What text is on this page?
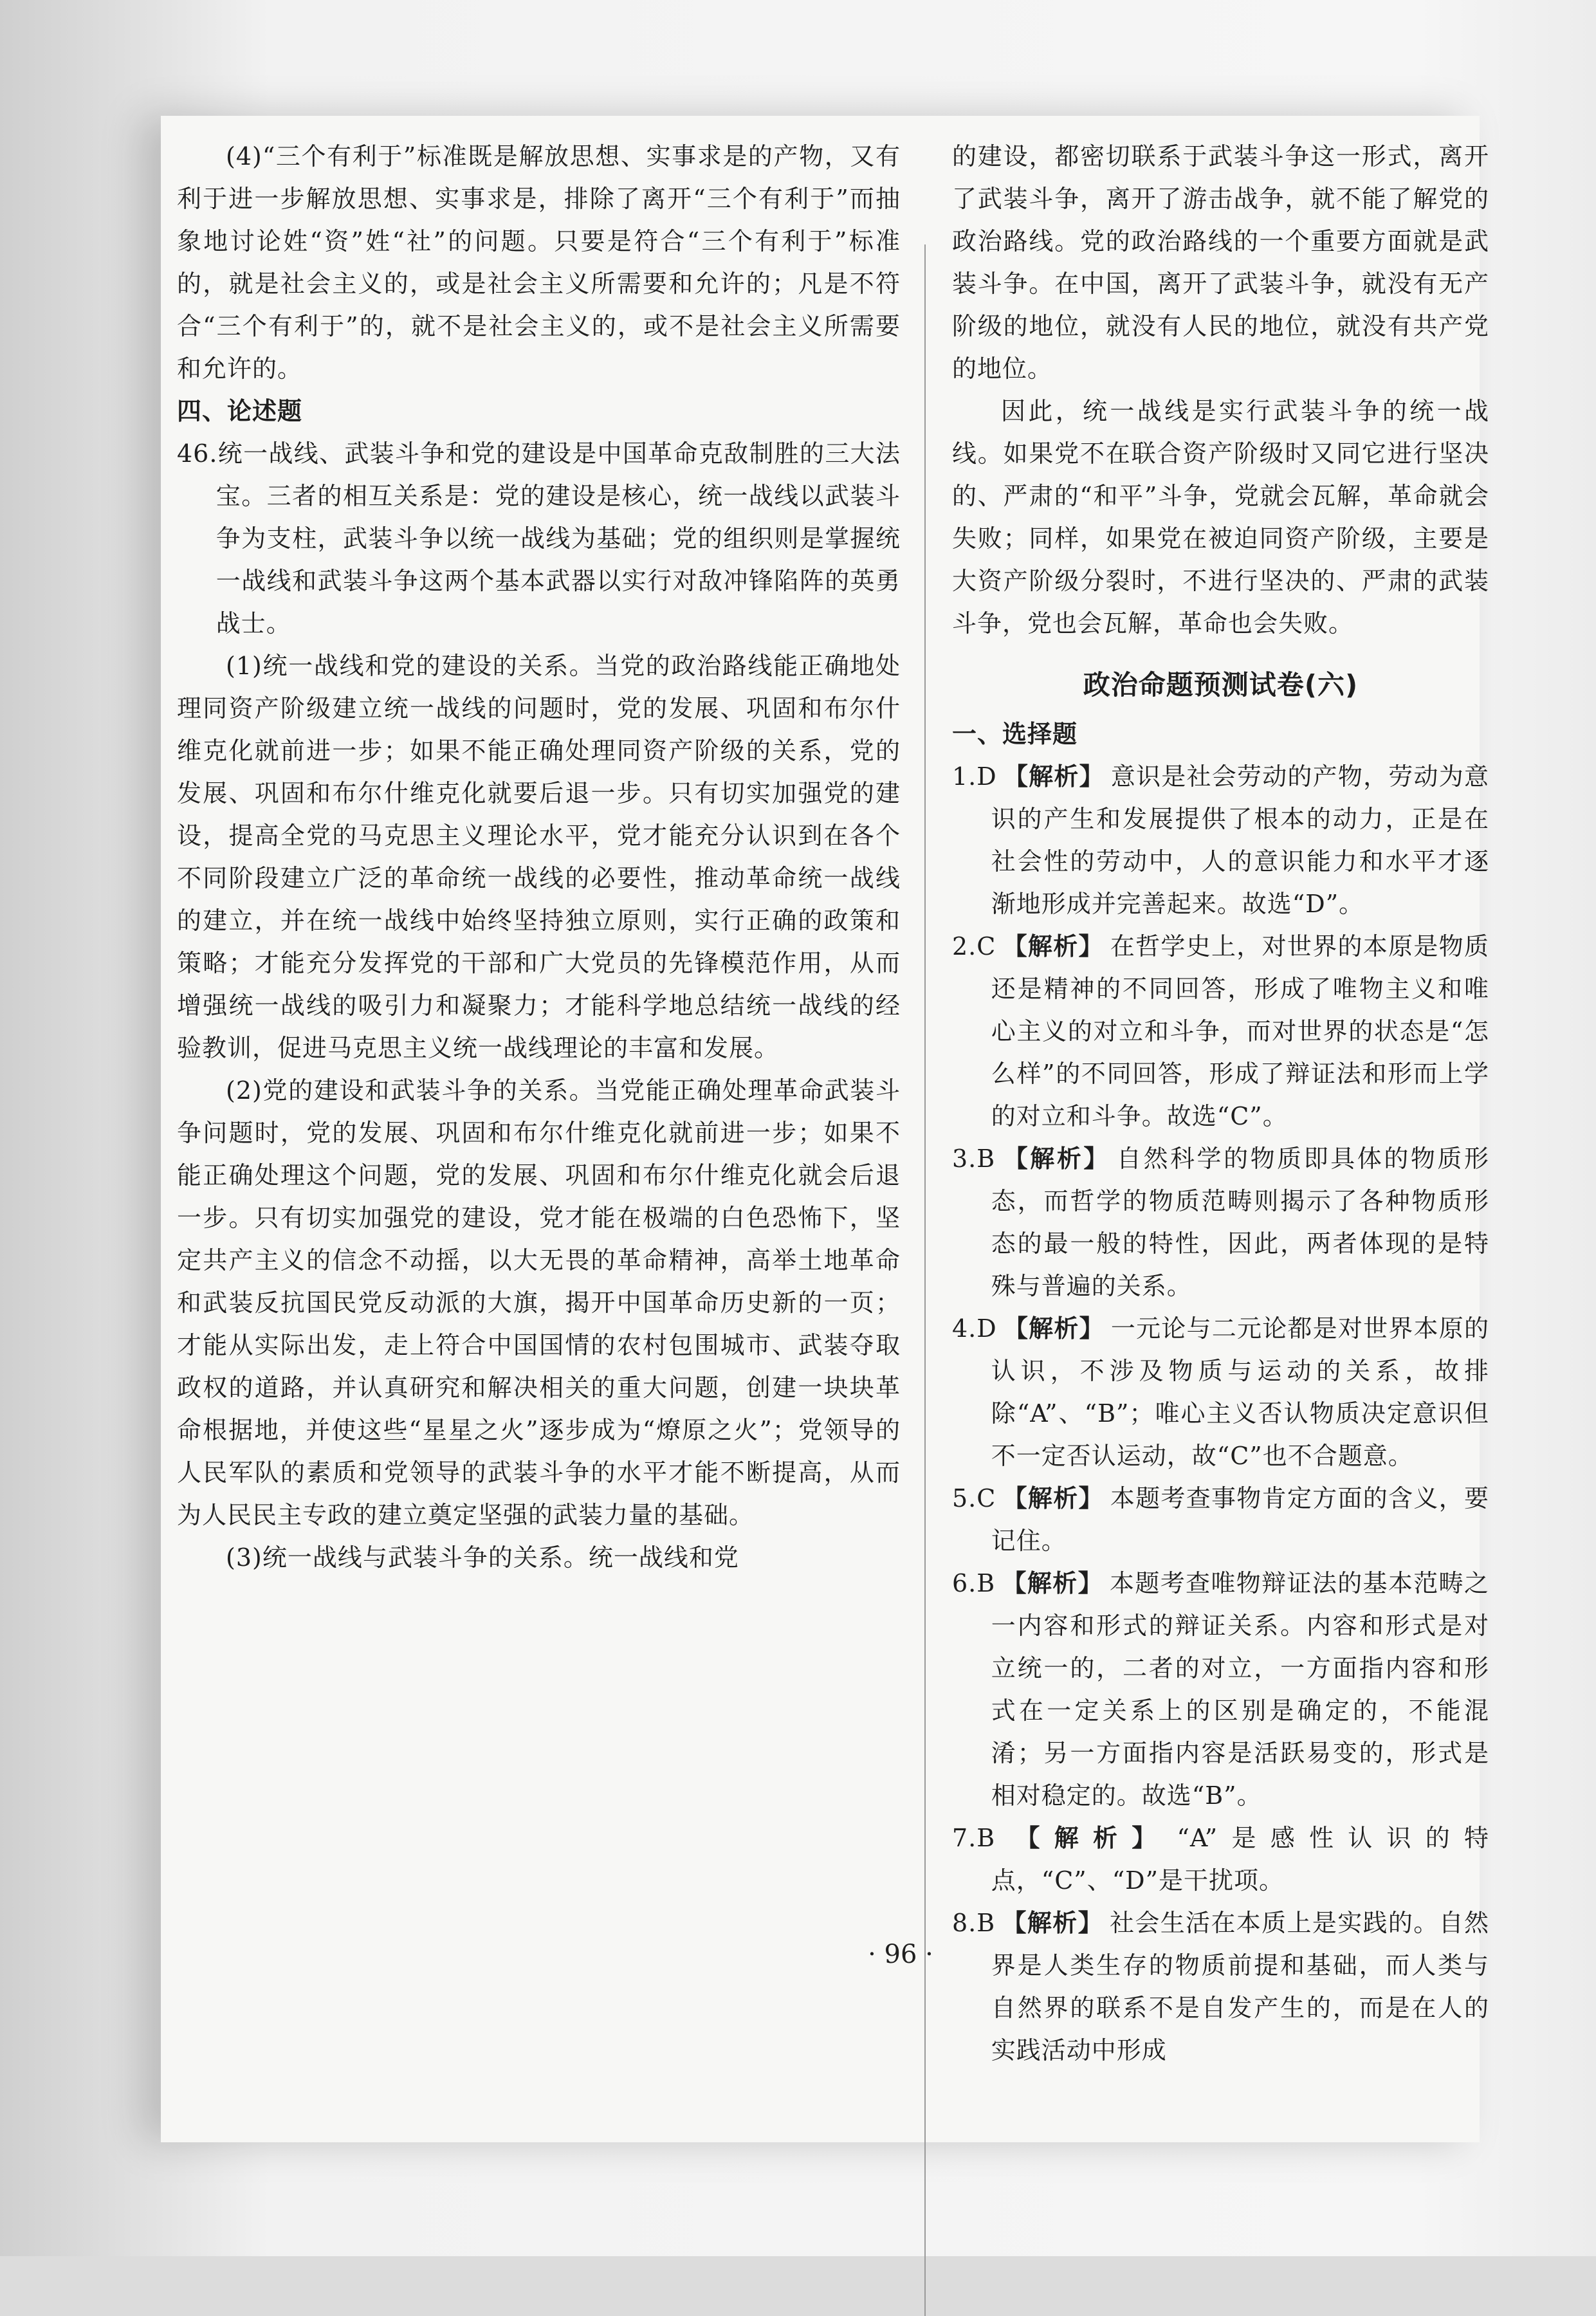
(4)“三个有利于”标准既是解放思想、实事求是的产物，又有利于进一步解放思想、实事求是，排除了离开“三个有利于”而抽象地讨论姓“资”姓“社”的问题。只要是符合“三个有利于”标准的，就是社会主义的，或是社会主义所需要和允许的；凡是不符合“三个有利于”的，就不是社会主义的，或不是社会主义所需要和允许的。

四、论述题

46.统一战线、武装斗争和党的建设是中国革命克敌制胜的三大法宝。三者的相互关系是：党的建设是核心，统一战线以武装斗争为支柱，武装斗争以统一战线为基础；党的组织则是掌握统一战线和武装斗争这两个基本武器以实行对敌冲锋陷阵的英勇战士。

(1)统一战线和党的建设的关系。当党的政治路线能正确地处理同资产阶级建立统一战线的问题时，党的发展、巩固和布尔什维克化就前进一步；如果不能正确处理同资产阶级的关系，党的发展、巩固和布尔什维克化就要后退一步。只有切实加强党的建设，提高全党的马克思主义理论水平，党才能充分认识到在各个不同阶段建立广泛的革命统一战线的必要性，推动革命统一战线的建立，并在统一战线中始终坚持独立原则，实行正确的政策和策略；才能充分发挥党的干部和广大党员的先锋模范作用，从而增强统一战线的吸引力和凝聚力；才能科学地总结统一战线的经验教训，促进马克思主义统一战线理论的丰富和发展。

(2)党的建设和武装斗争的关系。当党能正确处理革命武装斗争问题时，党的发展、巩固和布尔什维克化就前进一步；如果不能正确处理这个问题，党的发展、巩固和布尔什维克化就会后退一步。只有切实加强党的建设，党才能在极端的白色恐怖下，坚定共产主义的信念不动摇，以大无畏的革命精神，高举土地革命和武装反抗国民党反动派的大旗，揭开中国革命历史新的一页；才能从实际出发，走上符合中国国情的农村包围城市、武装夺取政权的道路，并认真研究和解决相关的重大问题，创建一块块革命根据地，并使这些“星星之火”逐步成为“燎原之火”；党领导的人民军队的素质和党领导的武装斗争的水平才能不断提高，从而为人民民主专政的建立奠定坚强的武装力量的基础。

(3)统一战线与武装斗争的关系。统一战线和党

的建设，都密切联系于武装斗争这一形式，离开了武装斗争，离开了游击战争，就不能了解党的政治路线。党的政治路线的一个重要方面就是武装斗争。在中国，离开了武装斗争，就没有无产阶级的地位，就没有人民的地位，就没有共产党的地位。

因此，统一战线是实行武装斗争的统一战线。如果党不在联合资产阶级时又同它进行坚决的、严肃的“和平”斗争，党就会瓦解，革命就会失败；同样，如果党在被迫同资产阶级，主要是大资产阶级分裂时，不进行坚决的、严肃的武装斗争，党也会瓦解，革命也会失败。

政治命题预测试卷(六)

一、选择题

1.D 【解析】 意识是社会劳动的产物，劳动为意识的产生和发展提供了根本的动力，正是在社会性的劳动中，人的意识能力和水平才逐渐地形成并完善起来。故选“D”。

2.C 【解析】 在哲学史上，对世界的本原是物质还是精神的不同回答，形成了唯物主义和唯心主义的对立和斗争，而对世界的状态是“怎么样”的不同回答，形成了辩证法和形而上学的对立和斗争。故选“C”。

3.B 【解析】 自然科学的物质即具体的物质形态，而哲学的物质范畴则揭示了各种物质形态的最一般的特性，因此，两者体现的是特殊与普遍的关系。

4.D 【解析】 一元论与二元论都是对世界本原的认识，不涉及物质与运动的关系，故排除“A”、“B”；唯心主义否认物质决定意识但不一定否认运动，故“C”也不合题意。

5.C 【解析】 本题考查事物肯定方面的含义，要记住。

6.B 【解析】 本题考查唯物辩证法的基本范畴之一内容和形式的辩证关系。内容和形式是对立统一的，二者的对立，一方面指内容和形式在一定关系上的区别是确定的，不能混淆；另一方面指内容是活跃易变的，形式是相对稳定的。故选“B”。

7.B 【解析】 “A”是感性认识的特点，“C”、“D”是干扰项。

8.B 【解析】 社会生活在本质上是实践的。自然界是人类生存的物质前提和基础，而人类与自然界的联系不是自发产生的，而是在人的实践活动中形成

· 96 ·
